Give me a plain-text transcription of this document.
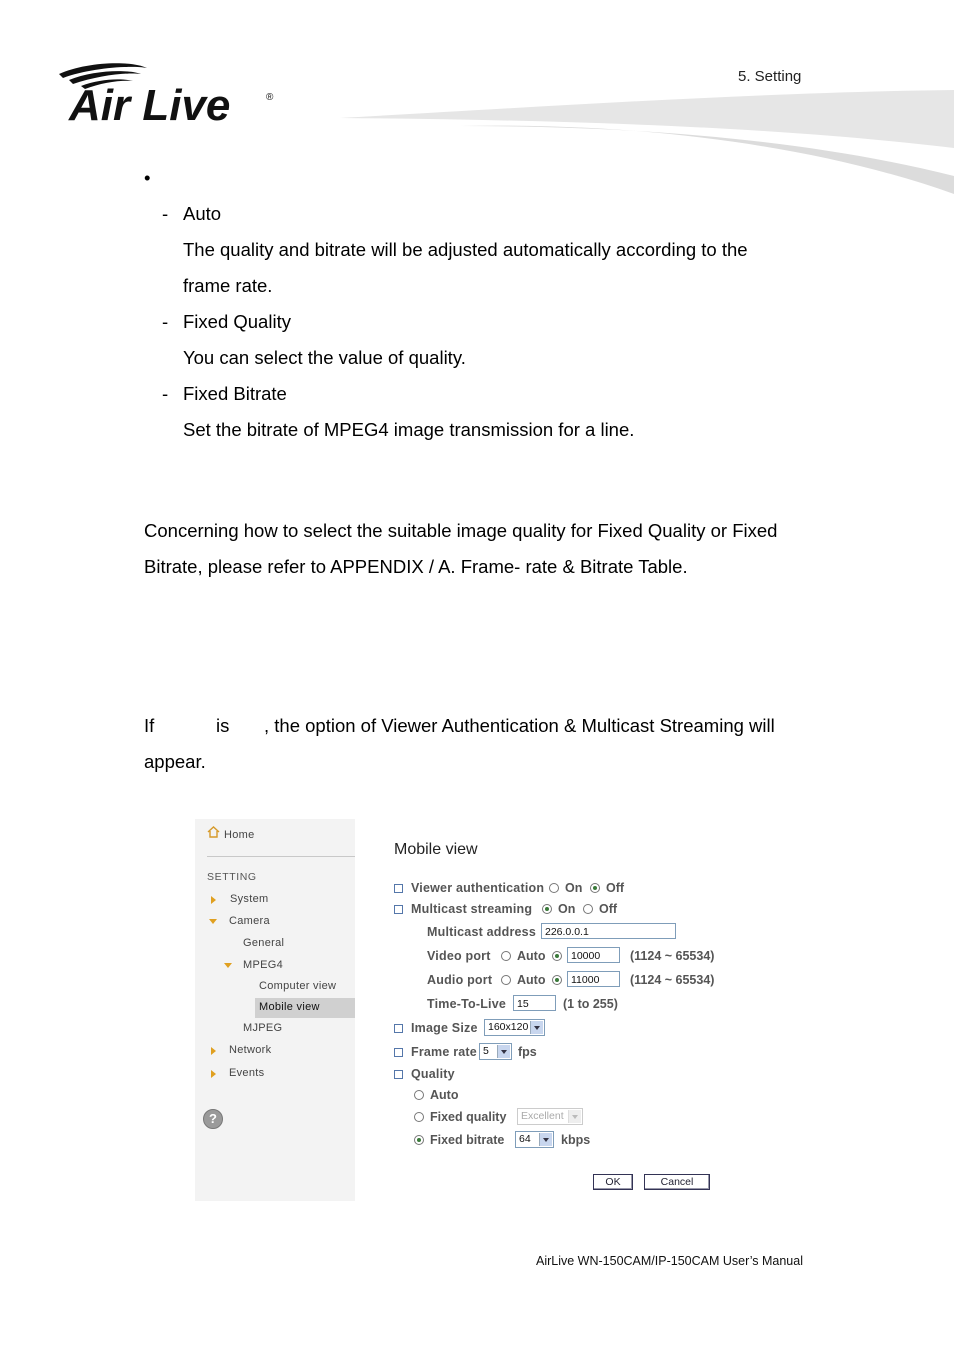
Air Live	®
5. Setting
•
- Auto
The quality and bitrate will be adjusted automatically according to the
frame rate.
- Fixed Quality
You can select the value of quality.
- Fixed Bitrate
Set the bitrate of MPEG4 image transmission for a line.
Concerning how to select the suitable image quality for Fixed Quality or Fixed
Bitrate, please refer to APPENDIX / A. Frame- rate & Bitrate Table.
If	is , the option of Viewer Authentication & Multicast Streaming will
appear.
Home
SETTING
System
Camera
General
MPEG4
Computer view
Mobile view
MJPEG
Network
Events
?
Mobile view
Viewer authentication On Off
Multicast streaming On Off
Multicast address 226.0.0.1
Video port Auto	10000	(1124 ~ 65534)
Audio port Auto	11000	(1124 ~ 65534)
Time-To-Live	15	(1 to 255)
Image Size 160x120
Frame rate 5	fps
Quality
Auto
Fixed quality	Excellent
Fixed bitrate	64	kbps
OK	Cancel
AirLive WN-150CAM/IP-150CAM User’s Manual
